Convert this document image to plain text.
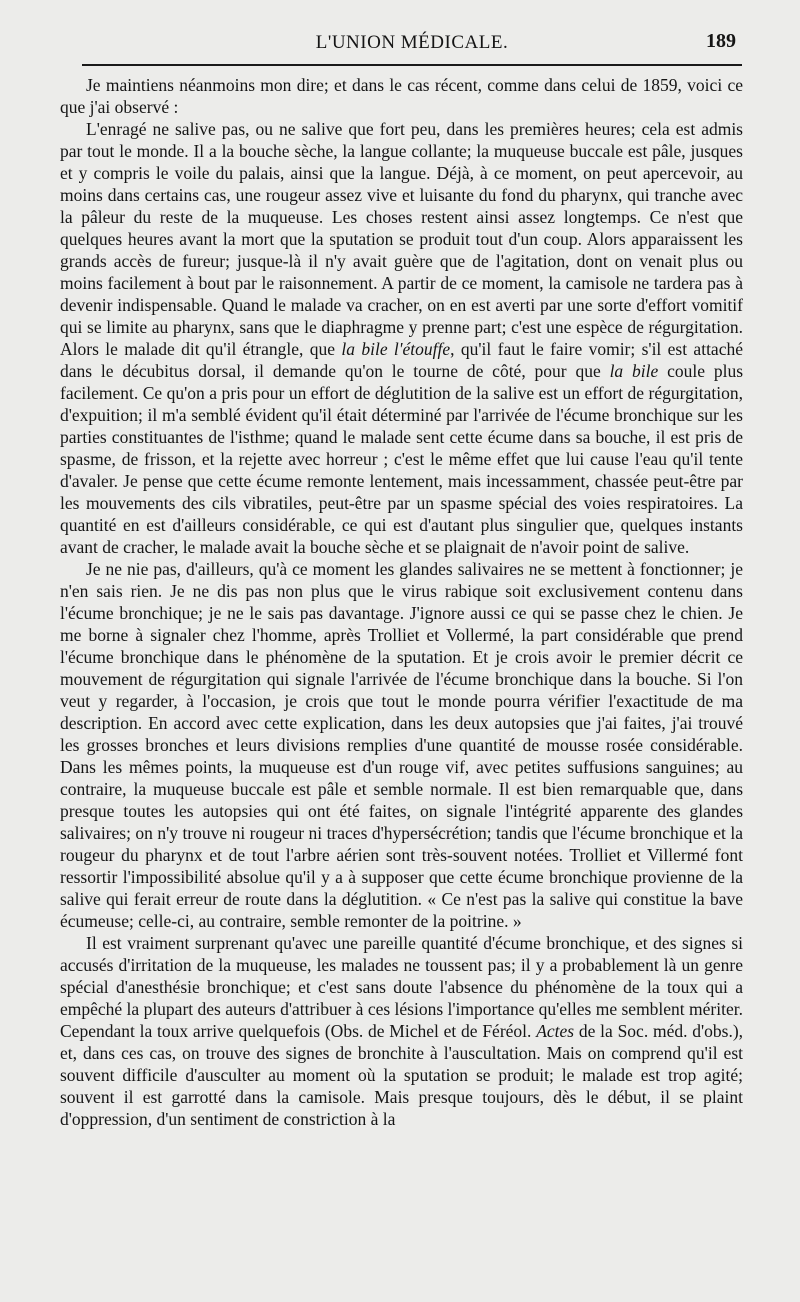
L'UNION MÉDICALE.	189

Je maintiens néanmoins mon dire; et dans le cas récent, comme dans celui de 1859, voici ce que j'ai observé :

L'enragé ne salive pas, ou ne salive que fort peu, dans les premières heures; cela est admis par tout le monde. Il a la bouche sèche, la langue collante; la muqueuse buccale est pâle, jusques et y compris le voile du palais, ainsi que la langue. Déjà, à ce moment, on peut apercevoir, au moins dans certains cas, une rougeur assez vive et luisante du fond du pharynx, qui tranche avec la pâleur du reste de la muqueuse. Les choses restent ainsi assez longtemps. Ce n'est que quelques heures avant la mort que la sputation se produit tout d'un coup. Alors apparaissent les grands accès de fureur; jusque-là il n'y avait guère que de l'agitation, dont on venait plus ou moins facilement à bout par le raisonnement. A partir de ce moment, la camisole ne tardera pas à devenir indispensable. Quand le malade va cracher, on en est averti par une sorte d'effort vomitif qui se limite au pharynx, sans que le diaphragme y prenne part; c'est une espèce de régurgitation. Alors le malade dit qu'il étrangle, que la bile l'étouffe, qu'il faut le faire vomir; s'il est attaché dans le décubitus dorsal, il demande qu'on le tourne de côté, pour que la bile coule plus facilement. Ce qu'on a pris pour un effort de déglutition de la salive est un effort de régurgitation, d'expuition; il m'a semblé évident qu'il était déterminé par l'arrivée de l'écume bronchique sur les parties constituantes de l'isthme; quand le malade sent cette écume dans sa bouche, il est pris de spasme, de frisson, et la rejette avec horreur ; c'est le même effet que lui cause l'eau qu'il tente d'avaler. Je pense que cette écume remonte lentement, mais incessamment, chassée peut-être par les mouvements des cils vibratiles, peut-être par un spasme spécial des voies respiratoires. La quantité en est d'ailleurs considérable, ce qui est d'autant plus singulier que, quelques instants avant de cracher, le malade avait la bouche sèche et se plaignait de n'avoir point de salive.

Je ne nie pas, d'ailleurs, qu'à ce moment les glandes salivaires ne se mettent à fonctionner; je n'en sais rien. Je ne dis pas non plus que le virus rabique soit exclusivement contenu dans l'écume bronchique; je ne le sais pas davantage. J'ignore aussi ce qui se passe chez le chien. Je me borne à signaler chez l'homme, après Trolliet et Vollermé, la part considérable que prend l'écume bronchique dans le phénomène de la sputation. Et je crois avoir le premier décrit ce mouvement de régurgitation qui signale l'arrivée de l'écume bronchique dans la bouche. Si l'on veut y regarder, à l'occasion, je crois que tout le monde pourra vérifier l'exactitude de ma description. En accord avec cette explication, dans les deux autopsies que j'ai faites, j'ai trouvé les grosses bronches et leurs divisions remplies d'une quantité de mousse rosée considérable. Dans les mêmes points, la muqueuse est d'un rouge vif, avec petites suffusions sanguines; au contraire, la muqueuse buccale est pâle et semble normale. Il est bien remarquable que, dans presque toutes les autopsies qui ont été faites, on signale l'intégrité apparente des glandes salivaires; on n'y trouve ni rougeur ni traces d'hypersécrétion; tandis que l'écume bronchique et la rougeur du pharynx et de tout l'arbre aérien sont très-souvent notées. Trolliet et Villermé font ressortir l'impossibilité absolue qu'il y a à supposer que cette écume bronchique provienne de la salive qui ferait erreur de route dans la déglutition. « Ce n'est pas la salive qui constitue la bave écumeuse; celle-ci, au contraire, semble remonter de la poitrine. »

Il est vraiment surprenant qu'avec une pareille quantité d'écume bronchique, et des signes si accusés d'irritation de la muqueuse, les malades ne toussent pas; il y a probablement là un genre spécial d'anesthésie bronchique; et c'est sans doute l'absence du phénomène de la toux qui a empêché la plupart des auteurs d'attribuer à ces lésions l'importance qu'elles me semblent mériter. Cependant la toux arrive quelquefois (Obs. de Michel et de Féréol. Actes de la Soc. méd. d'obs.), et, dans ces cas, on trouve des signes de bronchite à l'auscultation. Mais on comprend qu'il est souvent difficile d'ausculter au moment où la sputation se produit; le malade est trop agité; souvent il est garrotté dans la camisole. Mais presque toujours, dès le début, il se plaint d'oppression, d'un sentiment de constriction à la
